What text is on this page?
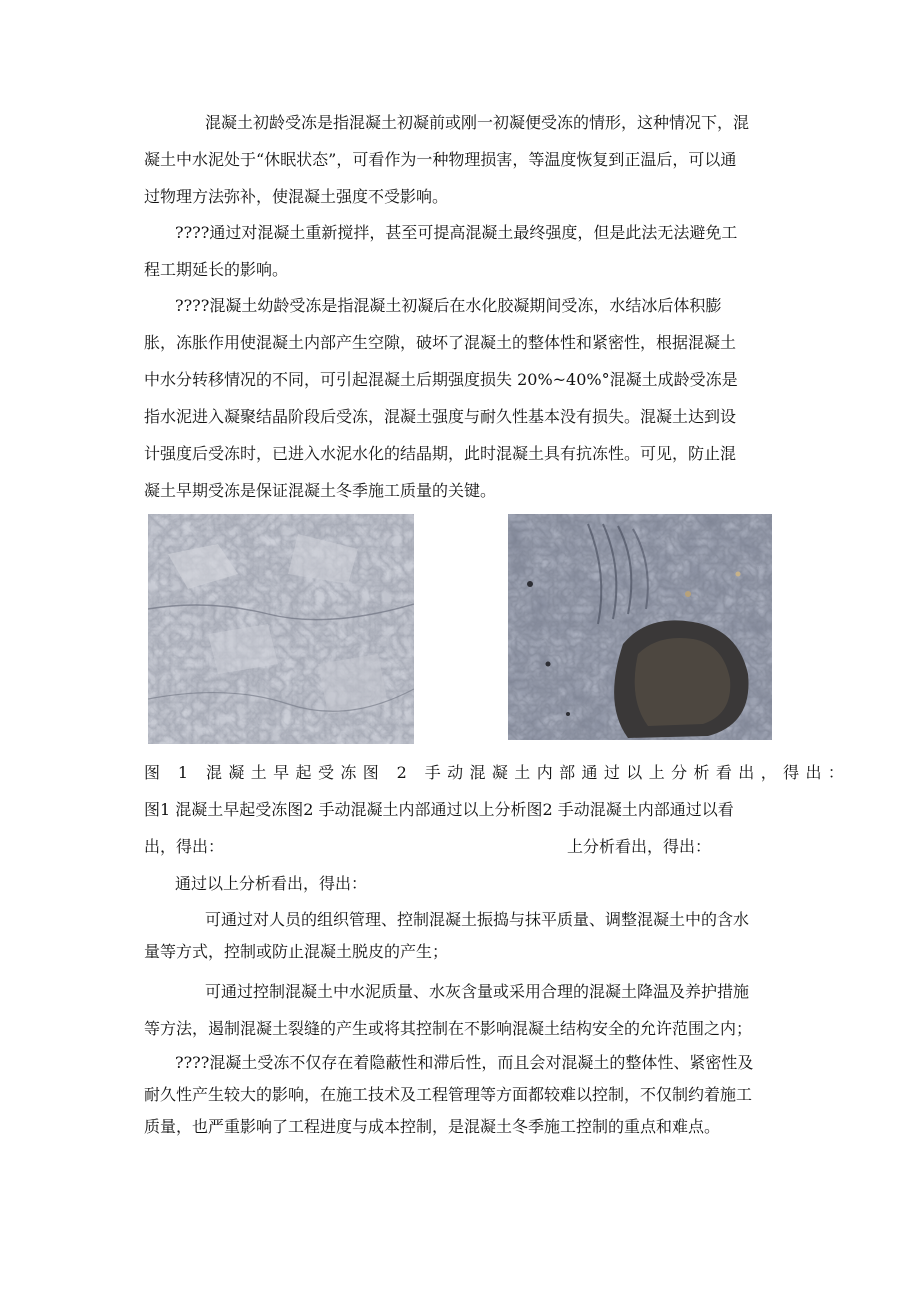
混凝土初龄受冻是指混凝土初凝前或刚一初凝便受冻的情形，这种情况下，混

凝土中水泥处于“休眠状态”，可看作为一种物理损害，等温度恢复到正温后，可以通

过物理方法弥补，使混凝土强度不受影响。

????通过对混凝土重新搅拌，甚至可提高混凝土最终强度，但是此法无法避免工

程工期延长的影响。

????混凝土幼龄受冻是指混凝土初凝后在水化胶凝期间受冻，水结冰后体积膨

胀，冻胀作用使混凝土内部产生空隙，破坏了混凝土的整体性和紧密性，根据混凝土

中水分转移情况的不同，可引起混凝土后期强度损失 20%~40%°混凝土成龄受冻是

指水泥进入凝聚结晶阶段后受冻，混凝土强度与耐久性基本没有损失。混凝土达到设

计强度后受冻时，已进入水泥水化的结晶期，此时混凝土具有抗冻性。可见，防止混

凝土早期受冻是保证混凝土冬季施工质量的关键。

图 1 混凝土早起受冻图 2 手动混凝土内部通过以上分析看出，得出：

图1 混凝土早起受冻图2 手动混凝土内部通过以上分析图2 手动混凝土内部通过以看

出，得出：	上分析看出，得出：

通过以上分析看出，得出：

可通过对人员的组织管理、控制混凝土振捣与抹平质量、调整混凝土中的含水

量等方式，控制或防止混凝土脱皮的产生；

可通过控制混凝土中水泥质量、水灰含量或采用合理的混凝土降温及养护措施

等方法，遏制混凝土裂缝的产生或将其控制在不影响混凝土结构安全的允许范围之内；

????混凝土受冻不仅存在着隐蔽性和滞后性，而且会对混凝土的整体性、紧密性及

耐久性产生较大的影响，在施工技术及工程管理等方面都较难以控制，不仅制约着施工

质量，也严重影响了工程进度与成本控制，是混凝土冬季施工控制的重点和难点。
